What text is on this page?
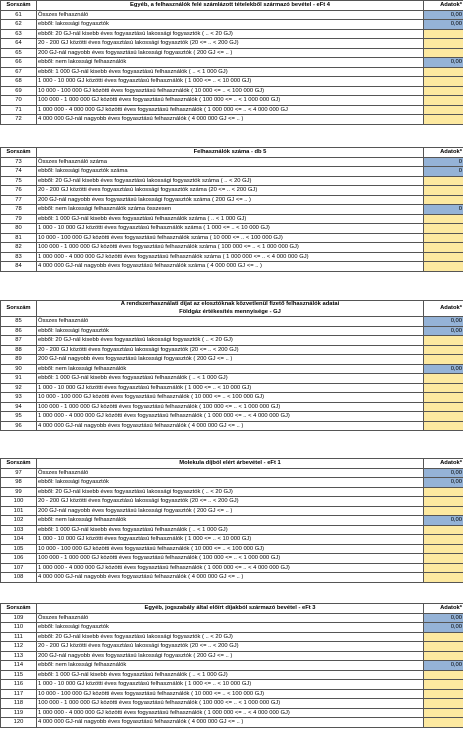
Sorszám	Egyéb, a felhasználók felé számlázott tételekből származó bevétel - eFt 4	Adatok*
61	Összes felhasználó	0,00
62	ebből: lakossági fogyasztók	0,00
63	ebből: 20 GJ-nál kisebb éves fogyasztású lakossági fogyasztók ( .. < 20 GJ)	
64	20 - 200 GJ közötti éves fogyasztású lakossági fogyasztók (20 <= .. < 200 GJ)	
65	200 GJ-nál nagyobb éves fogyasztású lakossági fogyasztók ( 200 GJ <= .. )	
66	ebből: nem lakossági felhasználók	0,00
67	ebből: 1 000 GJ-nál kisebb éves fogyasztású felhasználók ( .. < 1 000 GJ)	
68	1 000 - 10 000 GJ közötti éves fogyasztású felhasználók ( 1 000 <= .. < 10 000 GJ)	
69	10 000 - 100 000 GJ közötti éves fogyasztású felhasználók ( 10 000 <= .. < 100 000 GJ)	
70	100 000 - 1 000 000 GJ közötti éves fogyasztású felhasználók ( 100 000 <= .. < 1 000 000 GJ)	
71	1 000 000 - 4 000 000 GJ közötti éves fogyasztású felhasználók ( 1 000 000 <= .. < 4 000 000 GJ	
72	4 000 000 GJ-nál nagyobb éves fogyasztású felhasználók ( 4 000 000 GJ <= .. )	
Sorszám	Felhasználók száma - db 5	Adatok*
73	Összes felhasználó száma	0
74	ebből: lakossági fogyasztók száma	0
75	ebből: 20 GJ-nál kisebb éves fogyasztású lakossági fogyasztók száma ( .. < 20 GJ)	
76	20 - 200 GJ közötti éves fogyasztású lakossági fogyasztók száma (20 <= .. < 200 GJ)	
77	200 GJ-nál nagyobb éves fogyasztású lakossági fogyasztók száma ( 200 GJ <= .. )	
78	ebből: nem lakossági felhasználók száma összesen	0
79	ebből: 1 000 GJ-nál kisebb éves fogyasztású felhasználók száma ( .. < 1 000 GJ)	
80	1 000 - 10 000 GJ közötti éves fogyasztású felhasználók száma ( 1 000 <= .. < 10 000 GJ)	
81	10 000 - 100 000 GJ közötti éves fogyasztású felhasználók száma ( 10 000 <= .. < 100 000 GJ)	
82	100 000 - 1 000 000 GJ közötti éves fogyasztású felhasználók száma ( 100 000 <= .. < 1 000 000 GJ)	
83	1 000 000 - 4 000 000 GJ közötti éves fogyasztású felhasználók száma ( 1 000 000 <= .. < 4 000 000 GJ)	
84	4 000 000 GJ-nál nagyobb éves fogyasztású felhasználók száma ( 4 000 000 GJ <= .. )	
Sorszám	A rendszerhasználati díjat az elosztóknak közvetlenül fizető felhasználók adatai
Földgáz értékesítés mennyisége - GJ	Adatok*
85	Összes felhasználó	0,00
86	ebből: lakossági fogyasztók	0,00
87	ebből: 20 GJ-nál kisebb éves fogyasztású lakossági fogyasztók ( .. < 20 GJ)	
88	20 - 200 GJ közötti éves fogyasztású lakossági fogyasztók (20 <= .. < 200 GJ)	
89	200 GJ-nál nagyobb éves fogyasztású lakossági fogyasztók ( 200 GJ <= .. )	
90	ebből: nem lakossági felhasználók	0,00
91	ebből: 1 000 GJ-nál kisebb éves fogyasztású felhasználók ( .. < 1 000 GJ)	
92	1 000 - 10 000 GJ közötti éves fogyasztású felhasználók ( 1 000 <= .. < 10 000 GJ)	
93	10 000 - 100 000 GJ közötti éves fogyasztású felhasználók ( 10 000 <= .. < 100 000 GJ)	
94	100 000 - 1 000 000 GJ közötti éves fogyasztású felhasználók ( 100 000 <= .. < 1 000 000 GJ)	
95	1 000 000 - 4 000 000 GJ közötti éves fogyasztású felhasználók ( 1 000 000 <= .. < 4 000 000 GJ)	
96	4 000 000 GJ-nál nagyobb éves fogyasztású felhasználók ( 4 000 000 GJ <= .. )	
Sorszám	Molekula díjból elért árbevétel - eFt 1	Adatok*
97	Összes felhasználó	0,00
98	ebből: lakossági fogyasztók	0,00
99	ebből: 20 GJ-nál kisebb éves fogyasztású lakossági fogyasztók ( .. < 20 GJ)	
100	20 - 200 GJ közötti éves fogyasztású lakossági fogyasztók (20 <= .. < 200 GJ)	
101	200 GJ-nál nagyobb éves fogyasztású lakossági fogyasztók ( 200 GJ <= .. )	
102	ebből: nem lakossági felhasználók	0,00
103	ebből: 1 000 GJ-nál kisebb éves fogyasztású felhasználók ( .. < 1 000 GJ)	
104	1 000 - 10 000 GJ közötti éves fogyasztású felhasználók ( 1 000 <= .. < 10 000 GJ)	
105	10 000 - 100 000 GJ közötti éves fogyasztású felhasználók ( 10 000 <= .. < 100 000 GJ)	
106	100 000 - 1 000 000 GJ közötti éves fogyasztású felhasználók ( 100 000 <= .. < 1 000 000 GJ)	
107	1 000 000 - 4 000 000 GJ közötti éves fogyasztású felhasználók ( 1 000 000 <= .. < 4 000 000 GJ)	
108	4 000 000 GJ-nál nagyobb éves fogyasztású felhasználók ( 4 000 000 GJ <= .. )	
Sorszám	Egyéb, jogszabály által előírt díjakból származó bevétel - eFt 3	Adatok*
109	Összes felhasználó	0,00
110	ebből: lakossági fogyasztók	0,00
111	ebből: 20 GJ-nál kisebb éves fogyasztású lakossági fogyasztók ( .. < 20 GJ)	
112	20 - 200 GJ közötti éves fogyasztású lakossági fogyasztók (20 <= .. < 200 GJ)	
113	200 GJ-nál nagyobb éves fogyasztású lakossági fogyasztók ( 200 GJ <= .. )	
114	ebből: nem lakossági felhasználók	0,00
115	ebből: 1 000 GJ-nál kisebb éves fogyasztású felhasználók ( .. < 1 000 GJ)	
116	1 000 - 10 000 GJ közötti éves fogyasztású felhasználók ( 1 000 <= .. < 10 000 GJ)	
117	10 000 - 100 000 GJ közötti éves fogyasztású felhasználók ( 10 000 <= .. < 100 000 GJ)	
118	100 000 - 1 000 000 GJ közötti éves fogyasztású felhasználók ( 100 000 <= .. < 1 000 000 GJ)	
119	1 000 000 - 4 000 000 GJ közötti éves fogyasztású felhasználók ( 1 000 000 <= .. < 4 000 000 GJ)	
120	4 000 000 GJ-nál nagyobb éves fogyasztású felhasználók ( 4 000 000 GJ <= .. )	
